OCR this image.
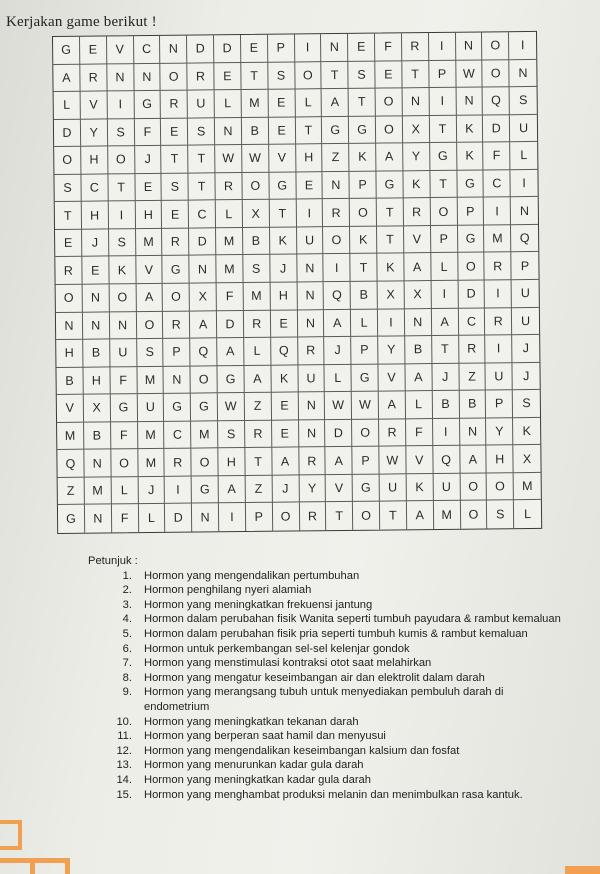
Kerjakan game berikut !
G	E	V	C	N	D	D	E	P	I	N	E	F	R	I	N	O	I
A	R	N	N	O	R	E	T	S	O	T	S	E	T	P	W	O	N
L	V	I	G	R	U	L	M	E	L	A	T	O	N	I	N	Q	S
D	Y	S	F	E	S	N	B	E	T	G	G	O	X	T	K	D	U
O	H	O	J	T	T	W	W	V	H	Z	K	A	Y	G	K	F	L
S	C	T	E	S	T	R	O	G	E	N	P	G	K	T	G	C	I
T	H	I	H	E	C	L	X	T	I	R	O	T	R	O	P	I	N
E	J	S	M	R	D	M	B	K	U	O	K	T	V	P	G	M	Q
R	E	K	V	G	N	M	S	J	N	I	T	K	A	L	O	R	P
O	N	O	A	O	X	F	M	H	N	Q	B	X	X	I	D	I	U
N	N	N	O	R	A	D	R	E	N	A	L	I	N	A	C	R	U
H	B	U	S	P	Q	A	L	Q	R	J	P	Y	B	T	R	I	J
B	H	F	M	N	O	G	A	K	U	L	G	V	A	J	Z	U	J
V	X	G	U	G	G	W	Z	E	N	W	W	A	L	B	B	P	S
M	B	F	M	C	M	S	R	E	N	D	O	R	F	I	N	Y	K
Q	N	O	M	R	O	H	T	A	R	A	P	W	V	Q	A	H	X
Z	M	L	J	I	G	A	Z	J	Y	V	G	U	K	U	O	O	M
G	N	F	L	D	N	I	P	O	R	T	O	T	A	M	O	S	L
Petunjuk :
1.	Hormon yang mengendalikan pertumbuhan
2.	Hormon penghilang nyeri alamiah
3.	Hormon yang meningkatkan frekuensi jantung
4.	Hormon dalam perubahan fisik Wanita seperti tumbuh payudara & rambut kemaluan
5.	Hormon dalam perubahan fisik pria seperti tumbuh kumis & rambut kemaluan
6.	Hormon untuk perkembangan sel-sel kelenjar gondok
7.	Hormon yang menstimulasi kontraksi otot saat melahirkan
8.	Hormon yang mengatur keseimbangan air dan elektrolit dalam darah
9.	Hormon yang merangsang tubuh untuk menyediakan pembuluh darah di endometrium
10.	Hormon yang meningkatkan tekanan darah
11.	Hormon yang berperan saat hamil dan menyusui
12.	Hormon yang mengendalikan keseimbangan kalsium dan fosfat
13.	Hormon yang menurunkan kadar gula darah
14.	Hormon yang meningkatkan kadar gula darah
15.	Hormon yang menghambat produksi melanin dan menimbulkan rasa kantuk.
